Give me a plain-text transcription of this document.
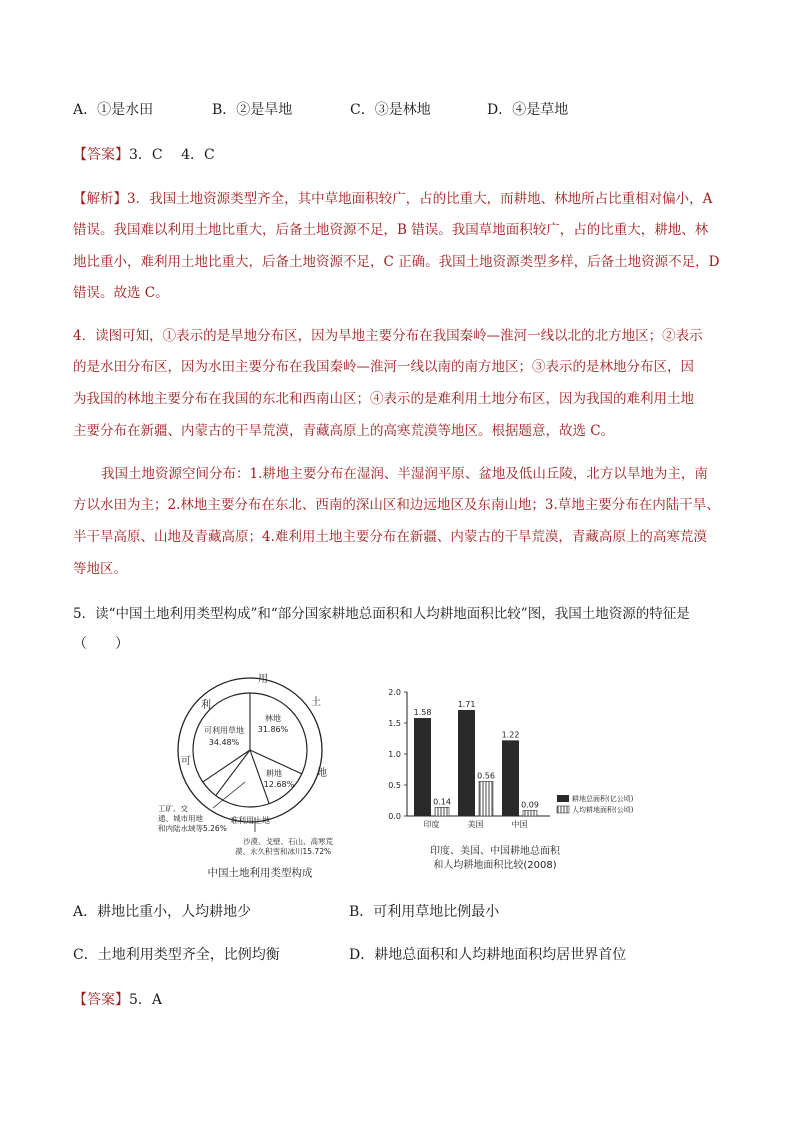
A．①是水田	B．②是旱地	C．③是林地	D．④是草地
【答案】3．C　 4．C
【解析】3．我国土地资源类型齐全，其中草地面积较广，占的比重大，而耕地、林地所占比重相对偏小，A
错误。我国难以利用土地比重大，后备土地资源不足，B 错误。我国草地面积较广，占的比重大，耕地、林
地比重小，难利用土地比重大，后备土地资源不足，C 正确。我国土地资源类型多样，后备土地资源不足，D
错误。故选 C。
4．读图可知，①表示的是旱地分布区，因为旱地主要分布在我国秦岭—淮河一线以北的北方地区；②表示
的是水田分布区，因为水田主要分布在我国秦岭—淮河一线以南的南方地区；③表示的是林地分布区，因
为我国的林地主要分布在我国的东北和西南山区；④表示的是难利用土地分布区，因为我国的难利用土地
主要分布在新疆、内蒙古的干旱荒漠，青藏高原上的高寒荒漠等地区。根据题意，故选 C。
我国土地资源空间分布：1.耕地主要分布在湿润、半湿润平原、盆地及低山丘陵，北方以旱地为主，南
方以水田为主；2.林地主要分布在东北、西南的深山区和边远地区及东南山地；3.草地主要分布在内陆干旱、
半干旱高原、山地及青藏高原；4.难利用土地主要分布在新疆、内蒙古的干旱荒漠，青藏高原上的高寒荒漠
等地区。
5．读“中国土地利用类型构成”和“部分国家耕地总面积和人均耕地面积比较”图，我国土地资源的特征是
（　　）
用
土
地
利
可
可利用草地
34.48%
林地
31.86%
耕地
12.68%
难利用土地
工矿、交
通、城市用地
和内陆水域等5.26%
沙漠、戈壁、石山、高寒荒
漠、永久积雪和冰川15.72%
中国土地利用类型构成
2.0
1.5
1.0
0.5
0.0
1.58
0.14
1.71
0.56
1.22
0.09
印度	美国	中国
耕地总面积(亿公顷)
人均耕地面积(公顷)
印度、美国、中国耕地总面积
和人均耕地面积比较(2008)
A．耕地比重小，人均耕地少	B．可利用草地比例最小
C．土地利用类型齐全，比例均衡	D．耕地总面积和人均耕地面积均居世界首位
【答案】5．A
